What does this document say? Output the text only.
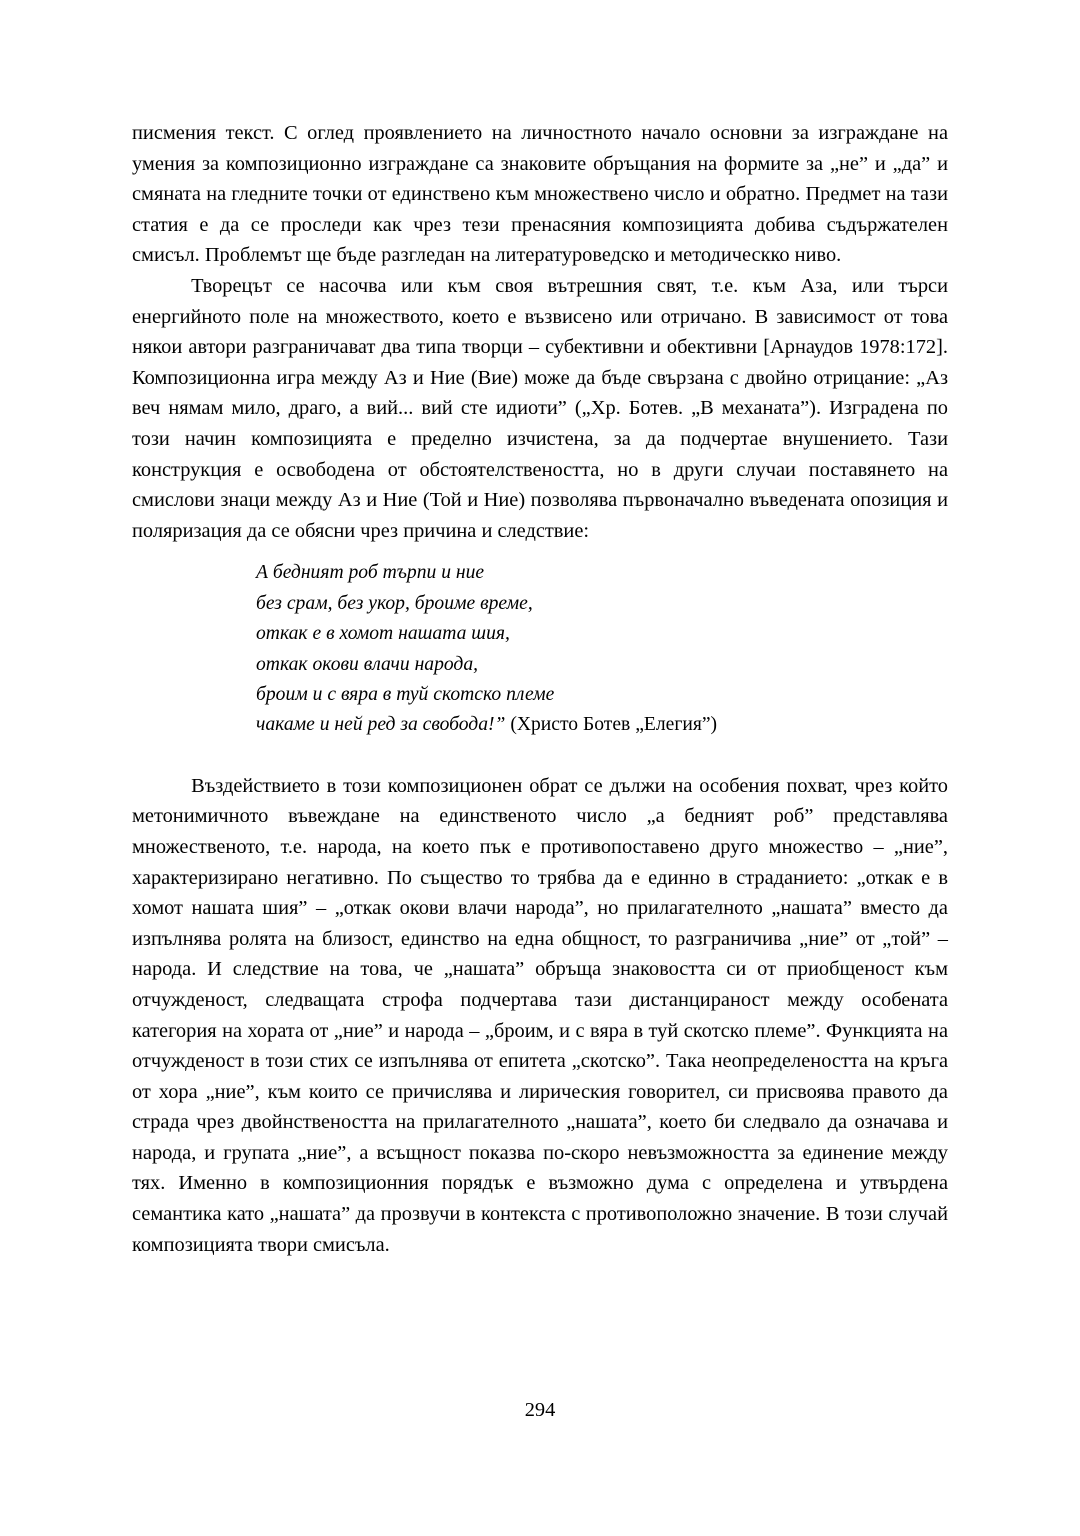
писмения текст. С оглед проявлението на личностното начало основни за изграждане на умения за композиционно изграждане са знаковите обръщания на формите за „не” и „да” и смяната на гледните точки от единствено към множествено число и обратно. Предмет на тази статия е да се проследи как чрез тези пренасяния композицията добива съдържателен смисъл. Проблемът ще бъде разгледан на литературоведско и методическко ниво.

Творецът се насочва или към своя вътрешния свят, т.е. към Аза, или търси енергийното поле на множеството, което е възвисено или отричано. В зависимост от това някои автори разграничават два типа творци – субективни и обективни [Арнаудов 1978:172]. Композиционна игра между Аз и Ние (Вие) може да бъде свързана с двойно отрицание: „Аз веч нямам мило, драго, а вий... вий сте идиоти” („Хр. Ботев. „В механата”). Изградена по този начин композицията е пределно изчистена, за да подчертае внушението. Тази конструкция е освободена от обстоятелствеността, но в други случаи поставянето на смислови знаци между Аз и Ние (Той и Ние) позволява първоначално въведената опозиция и поляризация да се обясни чрез причина и следствие:

А бедният роб търпи и ние
без срам, без укор, броиме време,
откак е в хомот нашата шия,
откак окови влачи народа,
броим и с вяра в туй скотско племе
чакаме и ней ред за свобода!” (Христо Ботев „Елегия”)

Въздействието в този композиционен обрат се дължи на особения похват, чрез който метонимичното въвеждане на единственото число „а бедният роб” представлява множественото, т.е. народа, на което пък е противопоставено друго множество – „ние”, характеризирано негативно. По същество то трябва да е единно в страданието: „откак е в хомот нашата шия” – „откак окови влачи народа”, но прилагателното „нашата” вместо да изпълнява ролята на близост, единство на една общност, то разграничива „ние” от „той” – народа. И следствие на това, че „нашата” обръща знаковостта си от приобщеност към отчужденост, следващата строфа подчертава тази дистанцираност между особената категория на хората от „ние” и народа – „броим, и с вяра в туй скотско племе”. Функцията на отчужденост в този стих се изпълнява от епитета „скотско”. Така неопределеността на кръга от хора „ние”, към които се причислява и лирическия говорител, си присвоява правото да страда чрез двойнствеността на прилагателното „нашата”, което би следвало да означава и народа, и групата „ние”, а всъщност показва по-скоро невъзможността за единение между тях. Именно в композиционния порядък е възможно дума с определена и утвърдена семантика като „нашата” да прозвучи в контекста с противоположно значение. В този случай композицията твори смисъла.

294
